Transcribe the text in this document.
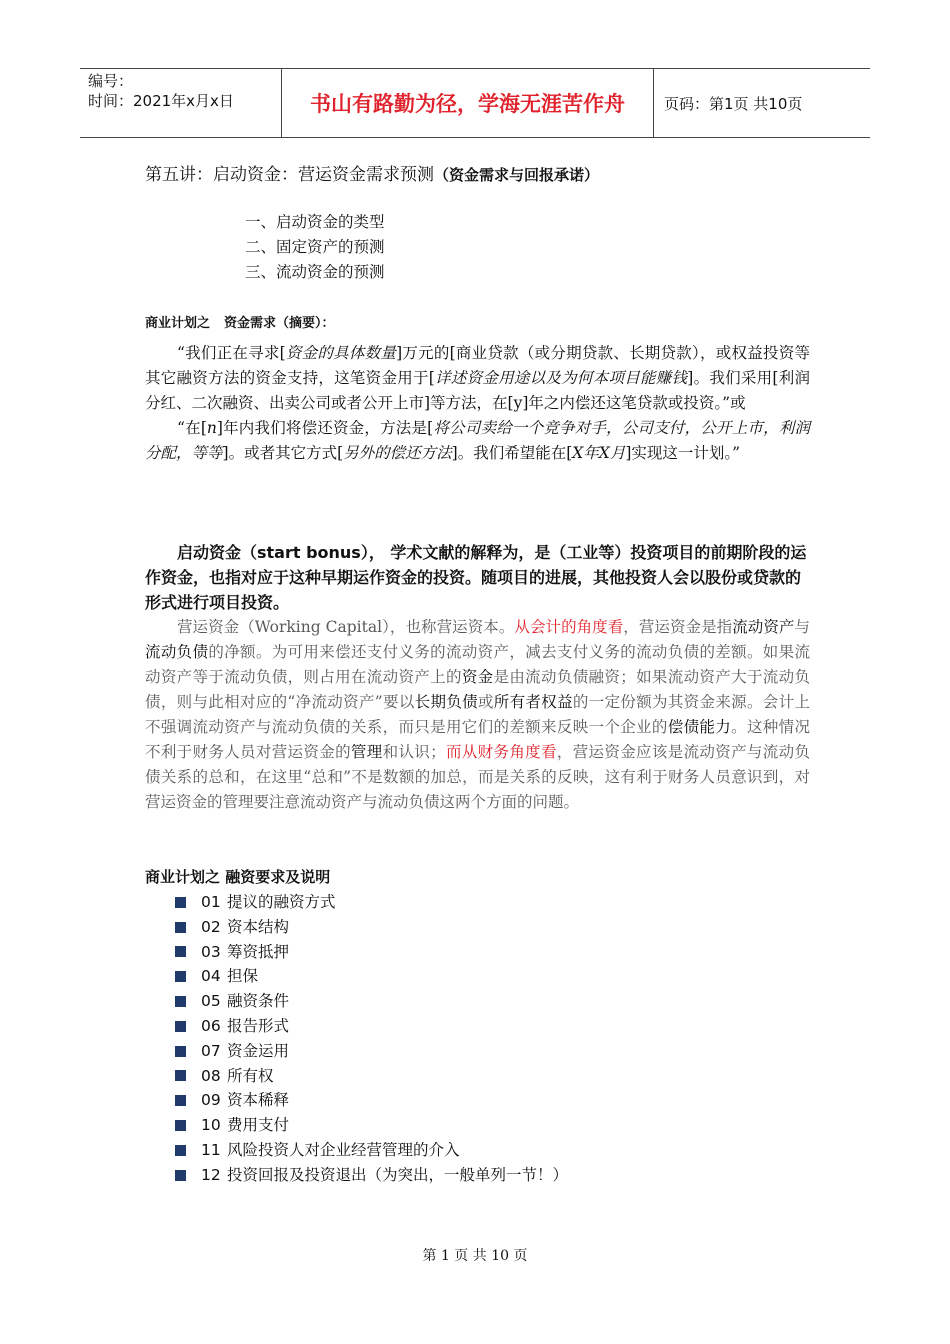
编号：
时间：2021年x月x日	书山有路勤为径，学海无涯苦作舟	页码：第1页 共10页
第五讲：启动资金：营运资金需求预测（资金需求与回报承诺）
一、启动资金的类型
二、固定资产的预测
三、流动资金的预测
商业计划之 资金需求（摘要）：

“我们正在寻求[资金的具体数量]万元的[商业贷款（或分期贷款、长期贷款），或权益投资等其它融资方法的资金支持，这笔资金用于[详述资金用途以及为何本项目能赚钱]。我们采用[利润分红、二次融资、出卖公司或者公开上市]等方法，在[y]年之内偿还这笔贷款或投资。”或

“在[n]年内我们将偿还资金，方法是[将公司卖给一个竞争对手，公司支付，公开上市，利润分配，等等]。或者其它方式[另外的偿还方法]。我们希望能在[X年X月]实现这一计划。”

启动资金（start bonus）， 学术文献的解释为，是（工业等）投资项目的前期阶段的运作资金，也指对应于这种早期运作资金的投资。随项目的进展，其他投资人会以股份或贷款的形式进行项目投资。

营运资金（Working Capital），也称营运资本。从会计的角度看，营运资金是指流动资产与流动负债的净额。为可用来偿还支付义务的流动资产，减去支付义务的流动负债的差额。如果流动资产等于流动负债，则占用在流动资产上的资金是由流动负债融资；如果流动资产大于流动负债，则与此相对应的“净流动资产”要以长期负债或所有者权益的一定份额为其资金来源。会计上不强调流动资产与流动负债的关系，而只是用它们的差额来反映一个企业的偿债能力。这种情况不利于财务人员对营运资金的管理和认识；而从财务角度看，营运资金应该是流动资产与流动负债关系的总和，在这里“总和”不是数额的加总，而是关系的反映，这有利于财务人员意识到，对营运资金的管理要注意流动资产与流动负债这两个方面的问题。

商业计划之 融资要求及说明
01 提议的融资方式
02 资本结构
03 筹资抵押
04 担保
05 融资条件
06 报告形式
07 资金运用
08 所有权
09 资本稀释
10 费用支付
11 风险投资人对企业经营管理的介入
12 投资回报及投资退出（为突出，一般单列一节！）
第 1 页 共 10 页
